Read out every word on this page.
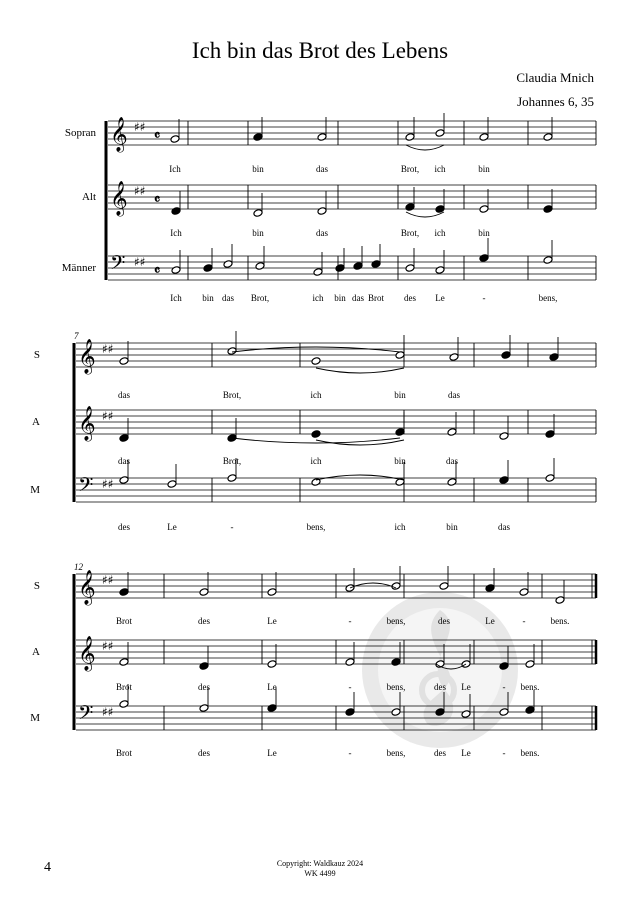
Ich bin das Brot des Lebens
Claudia Mnich
Johannes 6, 35
𝄞 ♯♯
𝄴
𝄞 ♯♯
𝄴
𝄢 ♯♯
𝄴
𝄞 ♯♯
𝄞 ♯♯
𝄢 ♯♯
𝄞 ♯♯
𝄞 ♯♯
𝄢 ♯♯
Sopran
Alt
Männer
7
S
A
M
12
S
A
M
Ich	bin	das	Brot, ich	bin
Ich	bin	das	Brot, ich	bin
Ich bin das Brot,	ich bin das Brot des Le	-	bens,
das	Brot,	ich	bin	das
das	Brot,	ich	bin	das
des	Le	-	bens,	ich	bin	das
Brot	des	Le	-	bens,	des	Le	-	bens.
Brot	des	Le	-	bens,	des Le	- bens.
Brot	des	Le	-	bens,	des Le	- bens.
4	Copyright: Waldkauz 2024
WK 4499
